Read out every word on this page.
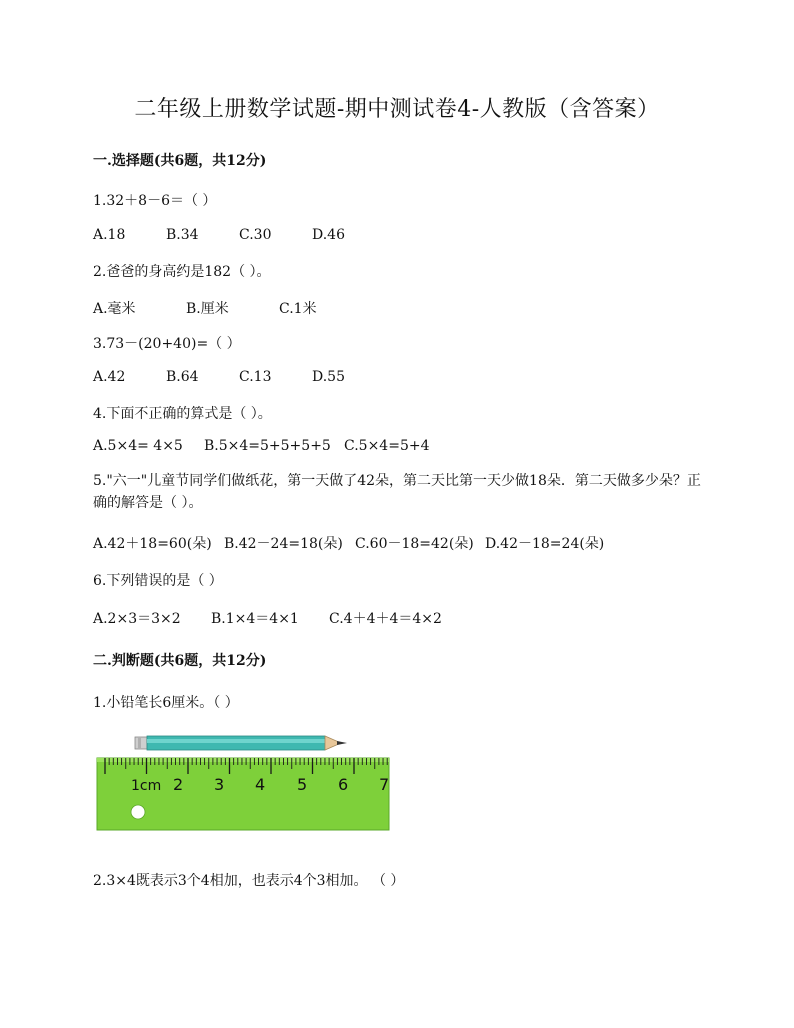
二年级上册数学试题-期中测试卷4-人教版（含答案）
一.选择题(共6题，共12分)
1.32＋8－6＝（ ）
A.18	B.34	C.30	D.46
2.爸爸的身高约是182（ ）。
A.毫米	B.厘米	C.1米
3.73－(20+40)=（ ）
A.42	B.64	C.13	D.55
4.下面不正确的算式是（ ）。
A.5×4= 4×5 B.5×4=5+5+5+5 C.5×4=5+4
5."六一"儿童节同学们做纸花，第一天做了42朵，第二天比第一天少做18朵．第二天做多少朵？正确的解答是（ ）。
A.42＋18=60(朵) B.42－24=18(朵) C.60－18=42(朵) D.42－18=24(朵)
6.下列错误的是（ ）
A.2×3＝3×2 B.1×4＝4×1 C.4＋4＋4＝4×2
二.判断题(共6题，共12分)
1.小铅笔长6厘米。（ ）
1cm 2 3 4 5 6 7
2.3×4既表示3个4相加，也表示4个3相加。 （ ）
